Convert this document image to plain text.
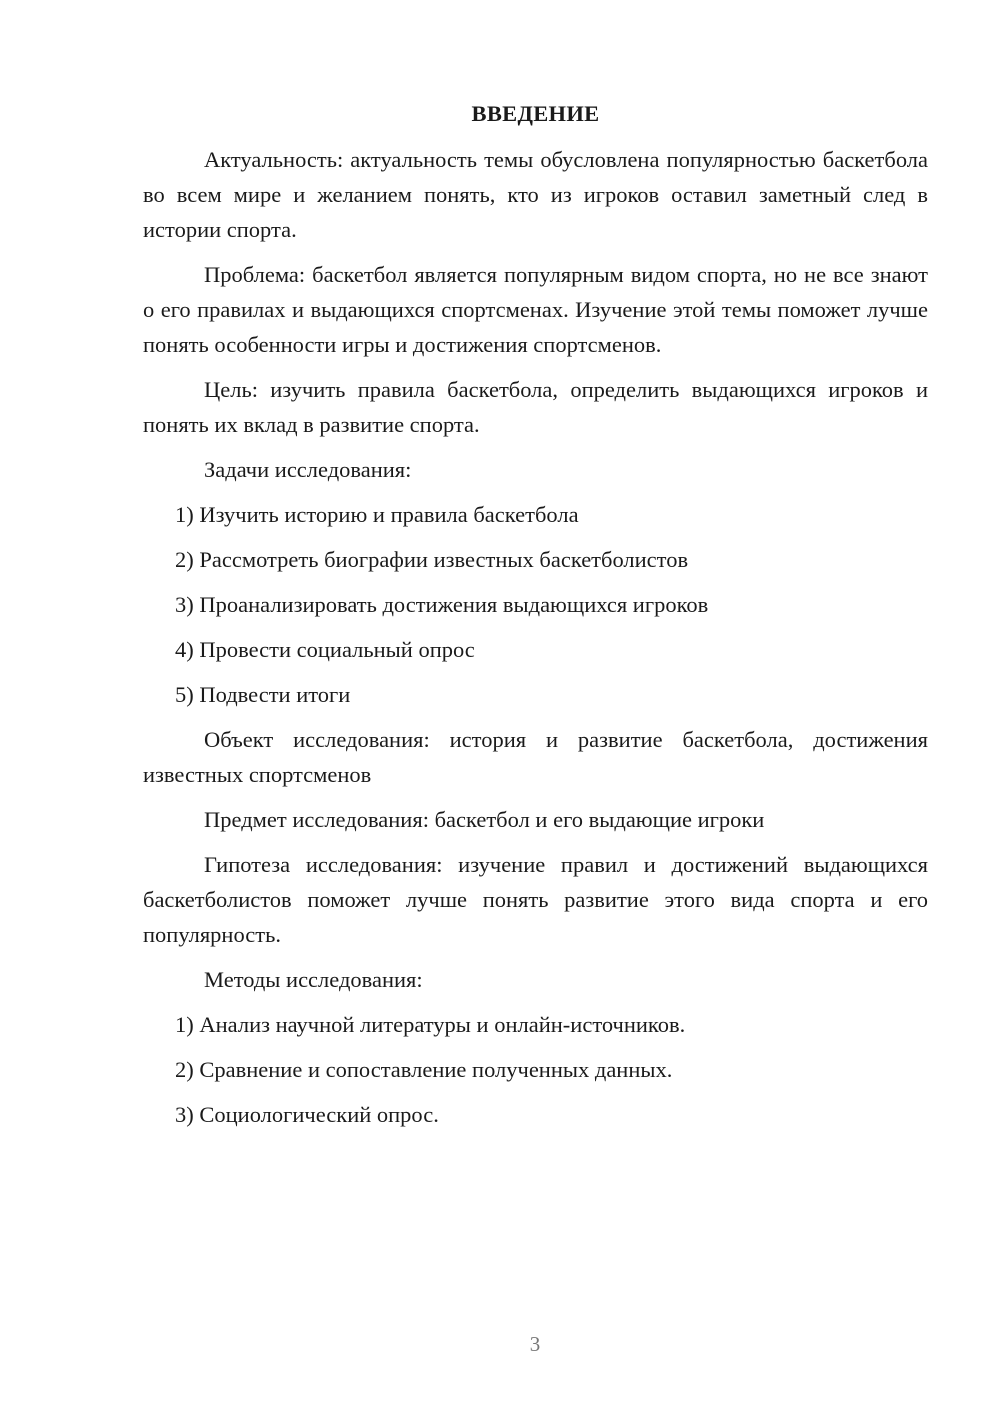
ВВЕДЕНИЕ
Актуальность: актуальность темы обусловлена популярностью баскетбола во всем мире и желанием понять, кто из игроков оставил заметный след в истории спорта.
Проблема: баскетбол является популярным видом спорта, но не все знают о его правилах и выдающихся спортсменах. Изучение этой темы поможет лучше понять особенности игры и достижения спортсменов.
Цель: изучить правила баскетбола, определить выдающихся игроков и понять их вклад в развитие спорта.
Задачи исследования:
1) Изучить историю и правила баскетбола
2) Рассмотреть биографии известных баскетболистов
3) Проанализировать достижения выдающихся игроков
4) Провести социальный опрос
5) Подвести итоги
Объект исследования: история и развитие баскетбола, достижения известных спортсменов
Предмет исследования: баскетбол и его выдающие игроки
Гипотеза исследования: изучение правил и достижений выдающихся баскетболистов поможет лучше понять развитие этого вида спорта и его популярность.
Методы исследования:
1) Анализ научной литературы и онлайн-источников.
2) Сравнение и сопоставление полученных данных.
3) Социологический опрос.
3
